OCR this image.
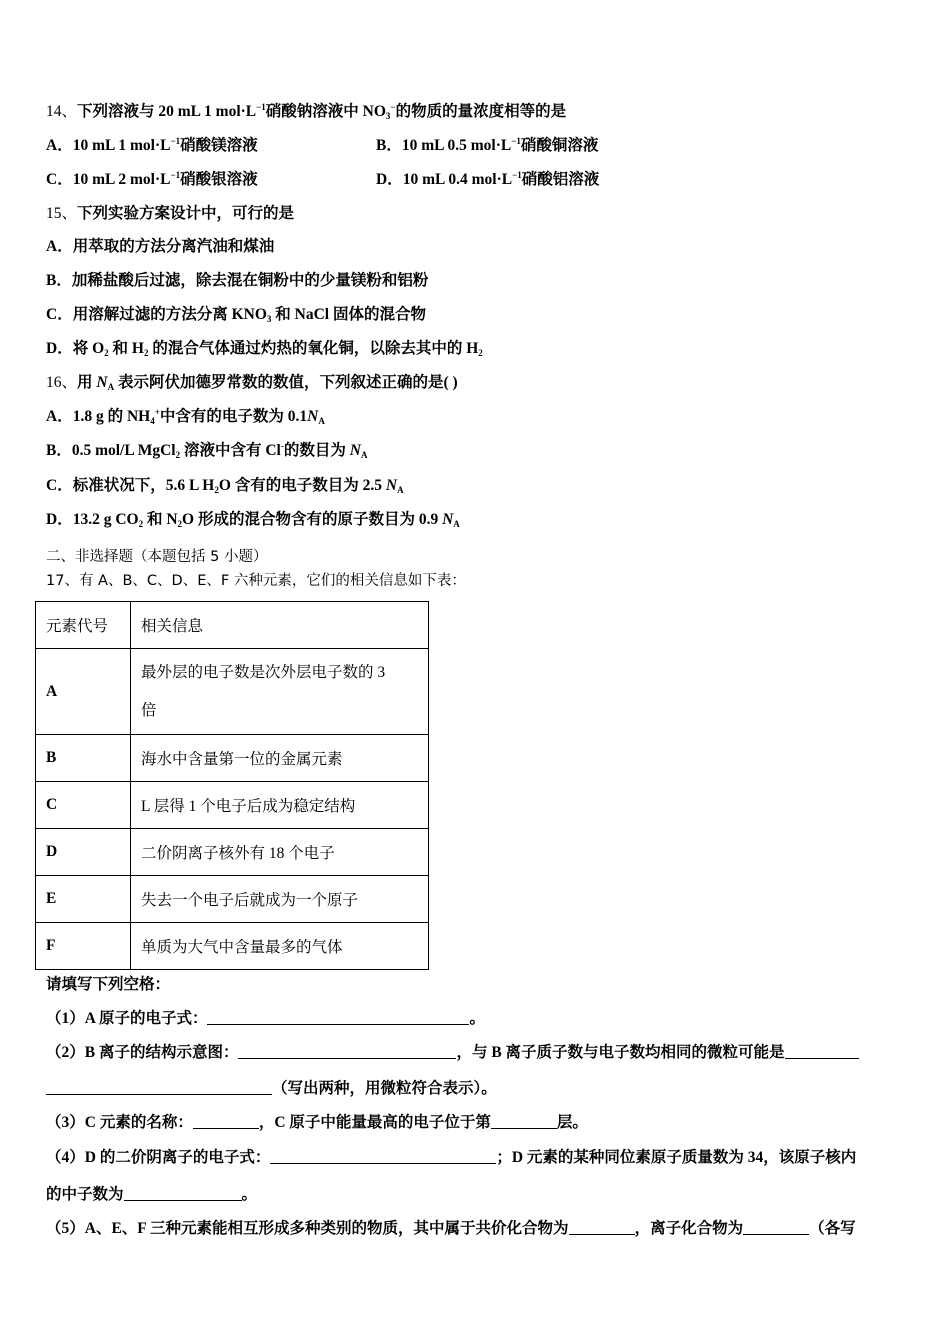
14、下列溶液与 20 mL 1 $mol\cdot L^{-1}$硝酸钠溶液中 $NO_3^-$的物质的量浓度相等的是
A．10 mL 1 $mol\cdot L^{-1}$硝酸镁溶液	B．10 mL 0.5 $mol\cdot L^{-1}$硝酸铜溶液
C．10 mL 2 $mol\cdot L^{-1}$硝酸银溶液	D．10 mL 0.4 $mol\cdot L^{-1}$硝酸铝溶液
15、下列实验方案设计中，可行的是
A．用萃取的方法分离汽油和煤油
B．加稀盐酸后过滤，除去混在铜粉中的少量镁粉和铝粉
C．用溶解过滤的方法分离 $KNO_3$ 和 NaCl 固体的混合物
D．将 $O_2$ 和 $H_2$ 的混合气体通过灼热的氧化铜，以除去其中的 $H_2$
16、用 $N_A$ 表示阿伏加德罗常数的数值，下列叙述正确的是( )
A．1.8 g 的 $NH_4^+$中含有的电子数为 $0.1N_A$
B．0.5 mol/L MgCl$_2$ 溶液中含有 Cl-的数目为 $N_A$
C．标准状况下，5.6 L $H_2O$ 含有的电子数目为 2.5 $N_A$
D．13.2 g $CO_2$ 和 $N_2O$ 形成的混合物含有的原子数目为 0.9 $N_A$
二、非选择题（本题包括 5 小题）
17、有 A、B、C、D、E、F 六种元素，它们的相关信息如下表：
元素代号	相关信息
A	最外层的电子数是次外层电子数的 3
倍

B	海水中含量第一位的金属元素
C	L 层得 1 个电子后成为稳定结构
D	二价阴离子核外有 18 个电子
E	失去一个电子后就成为一个原子
F	单质为大气中含量最多的气体
请填写下列空格：
（1）A 原子的电子式：	。
（2）B 离子的结构示意图：	，与 B 离子质子数与电子数均相同的微粒可能是
（写出两种，用微粒符合表示）。
（3）C 元素的名称：	，C 原子中能量最高的电子位于第	层。
（4）D 的二价阴离子的电子式：	；D 元素的某种同位素原子质量数为 34，该原子核内
的中子数为	。
（5）A、E、F 三种元素能相互形成多种类别的物质，其中属于共价化合物为	，离子化合物为	（各写
